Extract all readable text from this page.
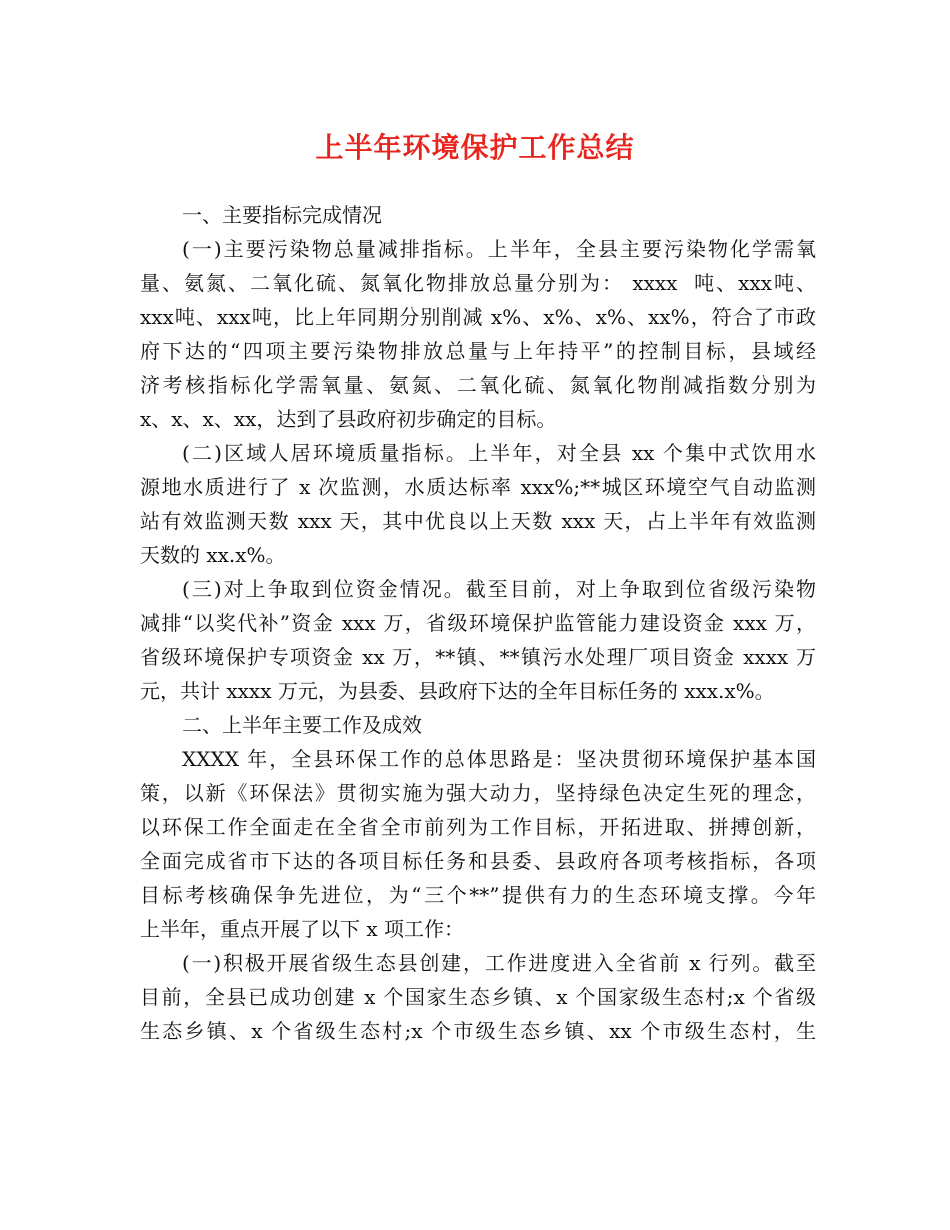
上半年环境保护工作总结
一、主要指标完成情况
(一)主要污染物总量减排指标。上半年，全县主要污染物化学需氧
量、氨氮、二氧化硫、氮氧化物排放总量分别为： xxxx  吨、xxx吨、
xxx吨、xxx吨，比上年同期分别削减 x%、x%、x%、xx%，符合了市政
府下达的“四项主要污染物排放总量与上年持平”的控制目标，县域经
济考核指标化学需氧量、氨氮、二氧化硫、氮氧化物削减指数分别为
x、x、x、xx，达到了县政府初步确定的目标。
(二)区域人居环境质量指标。上半年，对全县 xx 个集中式饮用水
源地水质进行了 x 次监测，水质达标率 xxx%;**城区环境空气自动监测
站有效监测天数 xxx 天，其中优良以上天数 xxx 天，占上半年有效监测
天数的 xx.x%。
(三)对上争取到位资金情况。截至目前，对上争取到位省级污染物
减排“以奖代补”资金 xxx 万，省级环境保护监管能力建设资金 xxx 万，
省级环境保护专项资金 xx 万，**镇、**镇污水处理厂项目资金 xxxx 万
元，共计 xxxx 万元，为县委、县政府下达的全年目标任务的 xxx.x%。
二、上半年主要工作及成效
XXXX 年，全县环保工作的总体思路是：坚决贯彻环境保护基本国
策，以新《环保法》贯彻实施为强大动力，坚持绿色决定生死的理念，
以环保工作全面走在全省全市前列为工作目标，开拓进取、拼搏创新，
全面完成省市下达的各项目标任务和县委、县政府各项考核指标，各项
目标考核确保争先进位，为“三个**”提供有力的生态环境支撑。今年
上半年，重点开展了以下 x 项工作：
(一)积极开展省级生态县创建，工作进度进入全省前 x 行列。截至
目前，全县已成功创建 x 个国家生态乡镇、x 个国家级生态村;x 个省级
生态乡镇、x 个省级生态村;x 个市级生态乡镇、xx 个市级生态村，生
